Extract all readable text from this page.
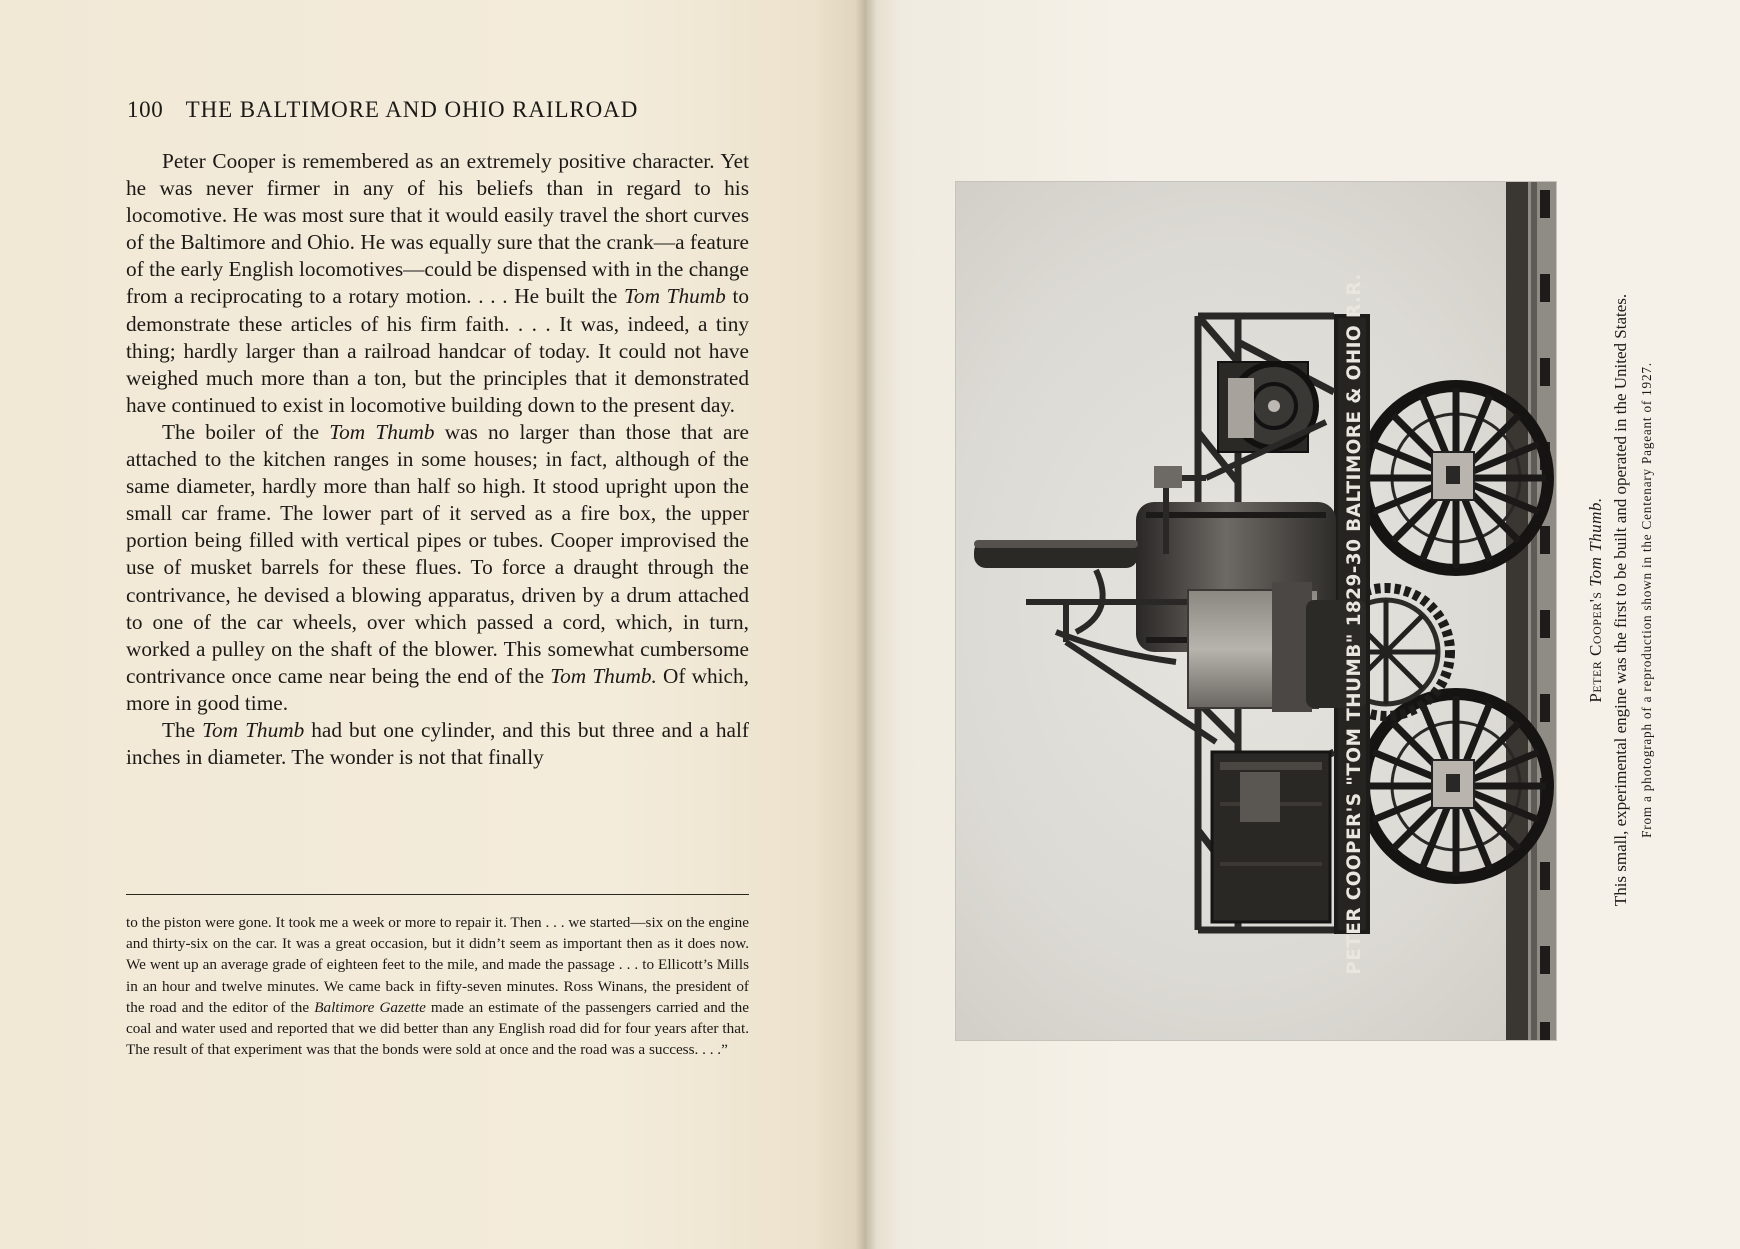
100 THE BALTIMORE AND OHIO RAILROAD

Peter Cooper is remembered as an extremely positive character. Yet he was never firmer in any of his beliefs than in regard to his locomotive. He was most sure that it would easily travel the short curves of the Baltimore and Ohio. He was equally sure that the crank—a feature of the early English locomotives—could be dispensed with in the change from a reciprocating to a rotary motion. . . . He built the Tom Thumb to demonstrate these articles of his firm faith. . . . It was, indeed, a tiny thing; hardly larger than a railroad handcar of today. It could not have weighed much more than a ton, but the principles that it demonstrated have continued to exist in locomotive building down to the present day.

The boiler of the Tom Thumb was no larger than those that are attached to the kitchen ranges in some houses; in fact, although of the same diameter, hardly more than half so high. It stood upright upon the small car frame. The lower part of it served as a fire box, the upper portion being filled with vertical pipes or tubes. Cooper improvised the use of musket barrels for these flues. To force a draught through the contrivance, he devised a blowing apparatus, driven by a drum attached to one of the car wheels, over which passed a cord, which, in turn, worked a pulley on the shaft of the blower. This somewhat cumbersome contrivance once came near being the end of the Tom Thumb. Of which, more in good time.

The Tom Thumb had but one cylinder, and this but three and a half inches in diameter. The wonder is not that finally

to the piston were gone. It took me a week or more to repair it. Then . . . we started—six on the engine and thirty-six on the car. It was a great occasion, but it didn’t seem as important then as it does now. We went up an average grade of eighteen feet to the mile, and made the passage . . . to Ellicott’s Mills in an hour and twelve minutes. We came back in fifty-seven minutes. Ross Winans, the president of the road and the editor of the Baltimore Gazette made an estimate of the passengers carried and the coal and water used and reported that we did better than any English road did for four years after that. The result of that experiment was that the bonds were sold at once and the road was a success. . . .”

PETER COOPER'S "TOM THUMB" 1829-30 BALTIMORE & OHIO R.R.	Peter Cooper's Tom Thumb. This small, experimental engine was the first to be built and operated in the United States. From a photograph of a reproduction shown in the Centenary Pageant of 1927.
